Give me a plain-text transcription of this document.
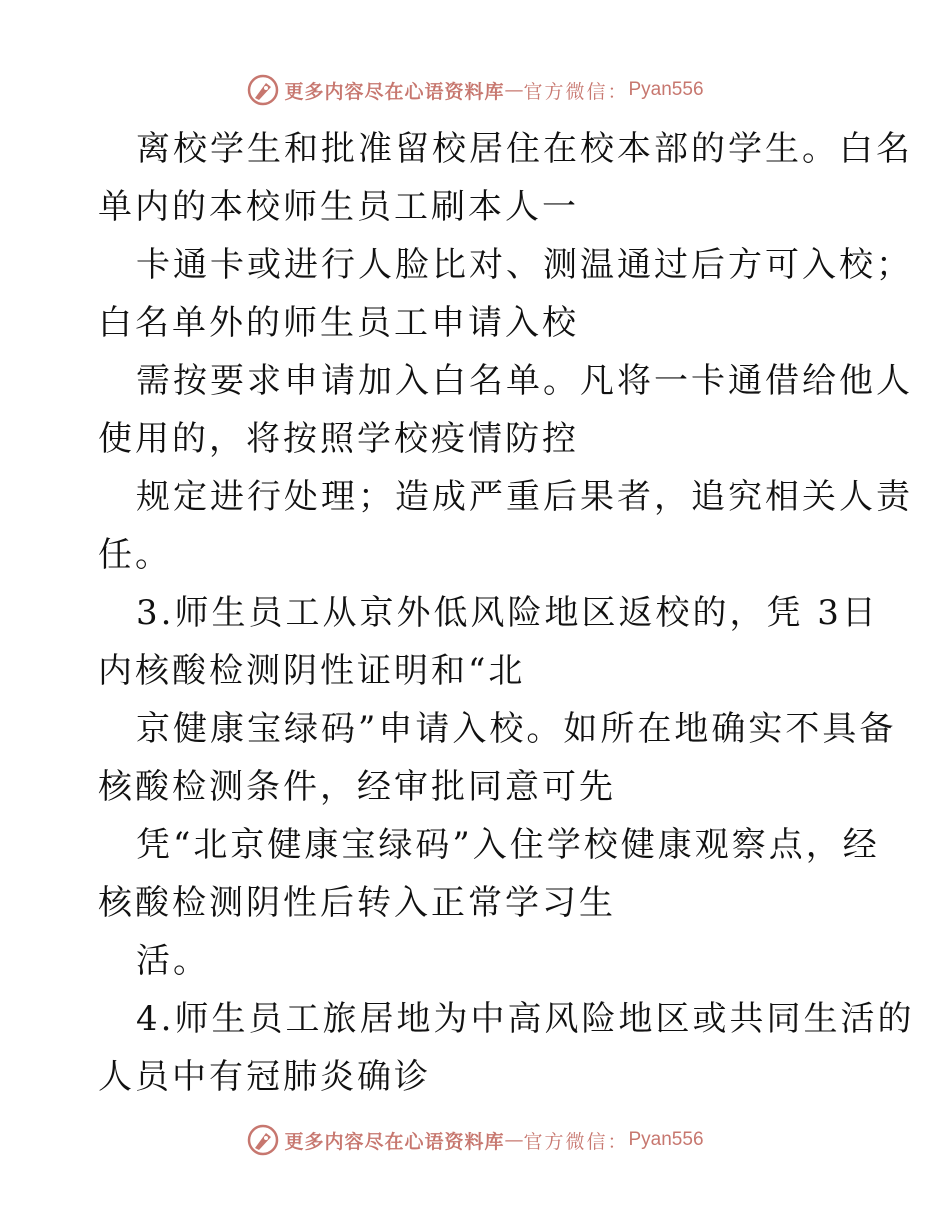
更多内容尽在心语资料库 — 官方微信： Pyan556
离校学生和批准留校居住在校本部的学生。白名
单内的本校师生员工刷本人一
卡通卡或进行人脸比对、测温通过后方可入校；
白名单外的师生员工申请入校
需按要求申请加入白名单。凡将一卡通借给他人
使用的，将按照学校疫情防控
规定进行处理；造成严重后果者，追究相关人责
任。
3.师生员工从京外低风险地区返校的，凭 3日
内核酸检测阴性证明和“北
京健康宝绿码”申请入校。如所在地确实不具备
核酸检测条件，经审批同意可先
凭“北京健康宝绿码”入住学校健康观察点，经
核酸检测阴性后转入正常学习生
活。
4.师生员工旅居地为中高风险地区或共同生活的
人员中有冠肺炎确诊
更多内容尽在心语资料库 — 官方微信： Pyan556
